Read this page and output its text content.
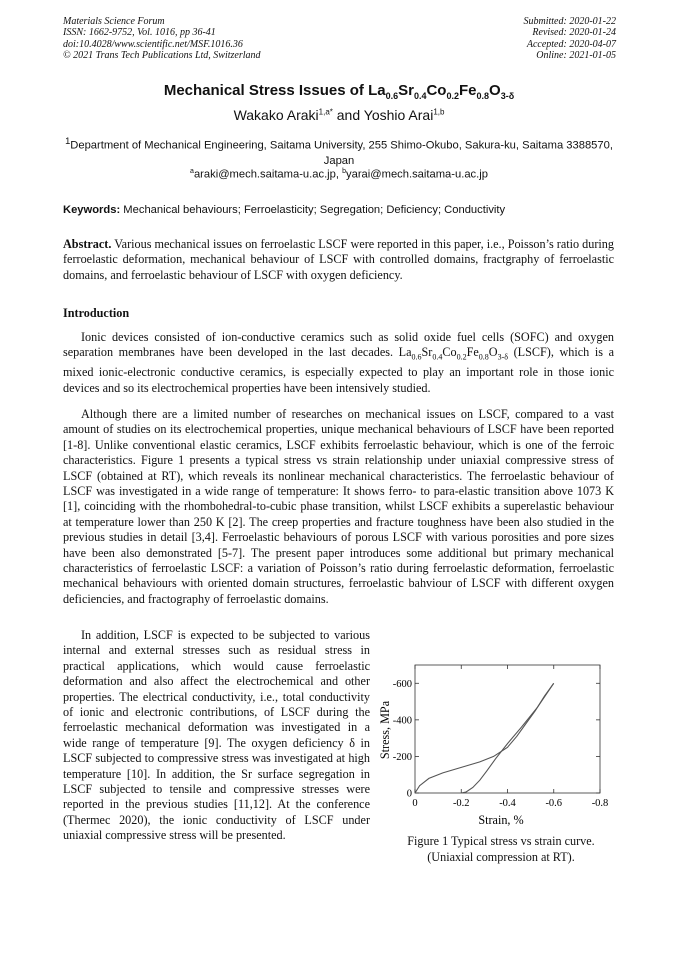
Materials Science Forum
ISSN: 1662-9752, Vol. 1016, pp 36-41
doi:10.4028/www.scientific.net/MSF.1016.36
© 2021 Trans Tech Publications Ltd, Switzerland
Submitted: 2020-01-22
Revised: 2020-01-24
Accepted: 2020-04-07
Online: 2021-01-05
Mechanical Stress Issues of $La_{0.6}Sr_{0.4}Co_{0.2}Fe_{0.8}O_{3-\delta}$
Wakako Araki$^{1,a*}$ and Yoshio Arai$^{1,b}$
$^1$Department of Mechanical Engineering, Saitama University, 255 Shimo-Okubo, Sakura-ku, Saitama 3388570, Japan
$^a$araki@mech.saitama-u.ac.jp, $^b$yarai@mech.saitama-u.ac.jp
Keywords: Mechanical behaviours; Ferroelasticity; Segregation; Deficiency; Conductivity
Abstract. Various mechanical issues on ferroelastic LSCF were reported in this paper, i.e., Poisson’s ratio during ferroelastic deformation, mechanical behaviour of LSCF with controlled domains, fractgraphy of ferroelastic domains, and ferroelastic behaviour of LSCF with oxygen deficiency.
Introduction
Ionic devices consisted of ion-conductive ceramics such as solid oxide fuel cells (SOFC) and oxygen separation membranes have been developed in the last decades. $La_{0.6}Sr_{0.4}Co_{0.2}Fe_{0.8}O_{3-\delta}$ (LSCF), which is a mixed ionic-electronic conductive ceramics, is especially expected to play an important role in those ionic devices and so its electrochemical properties have been intensively studied.
Although there are a limited number of researches on mechanical issues on LSCF, compared to a vast amount of studies on its electrochemical properties, unique mechanical behaviours of LSCF have been reported [1-8]. Unlike conventional elastic ceramics, LSCF exhibits ferroelastic behaviour, which is one of the ferroic characteristics. Figure 1 presents a typical stress vs strain relationship under uniaxial compressive stress of LSCF (obtained at RT), which reveals its nonlinear mechanical characteristics. The ferroelastic behaviour of LSCF was investigated in a wide range of temperature: It shows ferro- to para-elastic transition above 1073 K [1], coinciding with the rhombohedral-to-cubic phase transition, whilst LSCF exhibits a superelastic behaviour at temperature lower than 250 K [2]. The creep properties and fracture toughness have been also studied in the previous studies in detail [3,4]. Ferroelastic behaviours of porous LSCF with various porosities and pore sizes have been also demonstrated [5-7]. The present paper introduces some additional but primary mechanical characteristics of ferroelastic LSCF: a variation of Poisson’s ratio during ferroelastic deformation, ferroelastic mechanical behaviours with oriented domain structures, ferroelastic bahviour of LSCF with different oxygen deficiencies, and fractography of ferroelastic domains.
In addition, LSCF is expected to be subjected to various internal and external stresses such as residual stress in practical applications, which would cause ferroelastic deformation and also affect the electrochemical and other properties. The electrical conductivity, i.e., total conductivity of ionic and electronic contributions, of LSCF during the ferroelastic mechanical deformation was investigated in a wide range of temperature [9]. The oxygen deficiency δ in LSCF subjected to compressive stress was investigated at high temperature [10]. In addition, the Sr surface segregation in LSCF subjected to tensile and compressive stresses were reported in the previous studies [11,12]. At the conference (Thermec 2020), the ionic conductivity of LSCF under uniaxial compressive stress will be presented.
0	-0.2	-0.4	-0.6	-0.8
0
-200
-400
-600
Strain, %
Stress, MPa
Figure 1 Typical stress vs strain curve.
(Uniaxial compression at RT).
